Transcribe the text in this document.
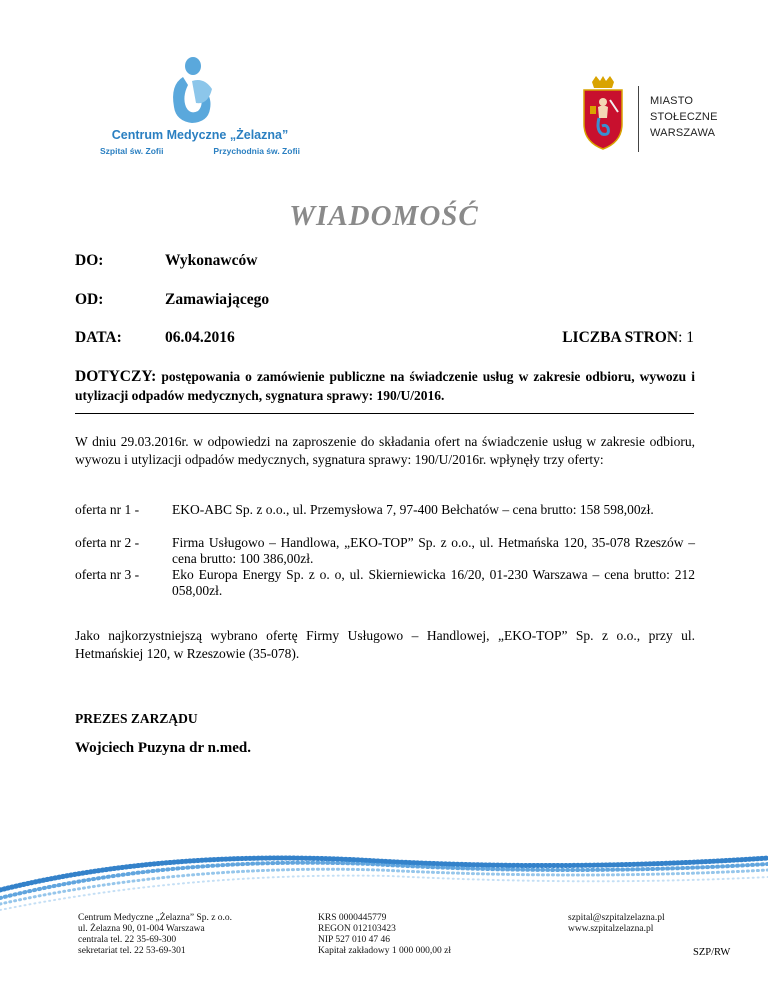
Centrum Medyczne „Żelazna”
Szpital św. Zofii	Przychodnia św. Zofii
MIASTO
STOŁECZNE
WARSZAWA
WIADOMOŚĆ
DO:	Wykonawców
OD:	Zamawiającego
DATA:	06.04.2016	LICZBA STRON: 1
DOTYCZY: postępowania o zamówienie publiczne na świadczenie usług w zakresie odbioru, wywozu i utylizacji odpadów medycznych, sygnatura sprawy: 190/U/2016.
W dniu 29.03.2016r. w odpowiedzi na zaproszenie do składania ofert na świadczenie usług w zakresie odbioru, wywozu i utylizacji odpadów medycznych, sygnatura sprawy: 190/U/2016r. wpłynęły trzy oferty:
oferta nr 1 -	EKO-ABC Sp. z o.o., ul. Przemysłowa 7, 97-400 Bełchatów – cena brutto: 158 598,00zł.
oferta nr 2 -	Firma Usługowo – Handlowa, „EKO-TOP” Sp. z o.o., ul. Hetmańska 120, 35-078 Rzeszów – cena brutto: 100 386,00zł.
oferta nr 3 -	Eko Europa Energy Sp. z o. o, ul. Skierniewicka 16/20, 01-230 Warszawa – cena brutto: 212 058,00zł.
Jako najkorzystniejszą wybrano ofertę Firmy Usługowo – Handlowej, „EKO-TOP” Sp. z o.o., przy ul. Hetmańskiej 120, w Rzeszowie (35-078).
PREZES ZARZĄDU
Wojciech Puzyna dr n.med.
Centrum Medyczne „Żelazna” Sp. z o.o.
ul. Żelazna 90, 01-004 Warszawa
centrala tel. 22 35-69-300
sekretariat tel. 22 53-69-301
KRS 0000445779
REGON 012103423
NIP 527 010 47 46
Kapitał zakładowy 1 000 000,00 zł
szpital@szpitalzelazna.pl
www.szpitalzelazna.pl
SZP/RW
